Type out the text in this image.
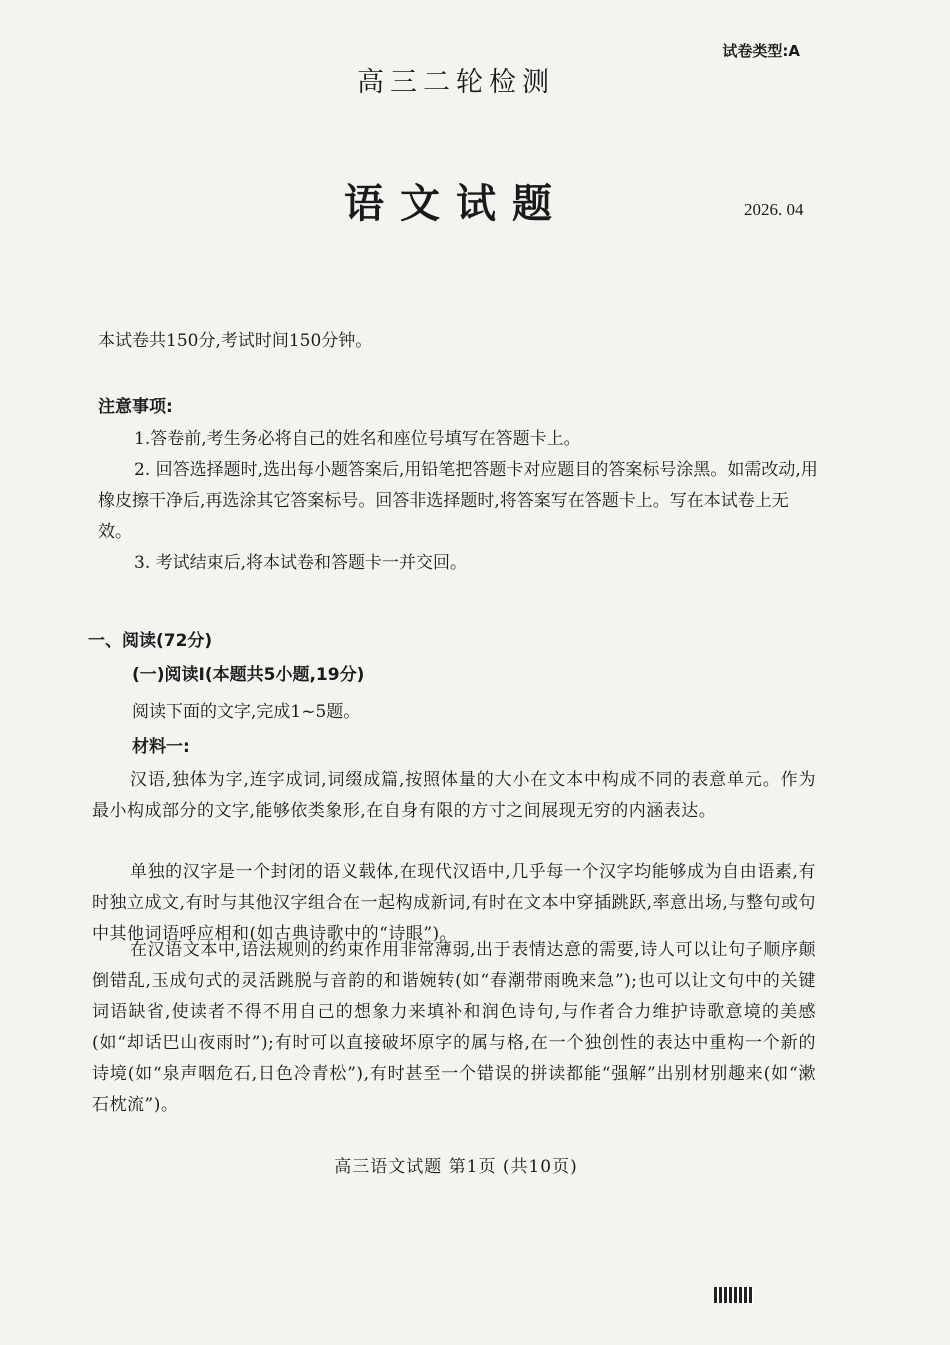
试卷类型:A
高三二轮检测
语文试题	2026. 04
本试卷共150分,考试时间150分钟。
注意事项:
1.答卷前,考生务必将自己的姓名和座位号填写在答题卡上。
2. 回答选择题时,选出每小题答案后,用铅笔把答题卡对应题目的答案标号涂黑。如需改动,用橡皮擦干净后,再选涂其它答案标号。回答非选择题时,将答案写在答题卡上。写在本试卷上无效。
3. 考试结束后,将本试卷和答题卡一并交回。
一、阅读(72分)
(一)阅读Ⅰ(本题共5小题,19分)
阅读下面的文字,完成1~5题。
材料一:
汉语,独体为字,连字成词,词缀成篇,按照体量的大小在文本中构成不同的表意单元。作为最小构成部分的文字,能够依类象形,在自身有限的方寸之间展现无穷的内涵表达。
单独的汉字是一个封闭的语义载体,在现代汉语中,几乎每一个汉字均能够成为自由语素,有时独立成文,有时与其他汉字组合在一起构成新词,有时在文本中穿插跳跃,率意出场,与整句或句中其他词语呼应相和(如古典诗歌中的“诗眼”)。
在汉语文本中,语法规则的约束作用非常薄弱,出于表情达意的需要,诗人可以让句子顺序颠倒错乱,玉成句式的灵活跳脱与音韵的和谐婉转(如“春潮带雨晚来急”);也可以让文句中的关键词语缺省,使读者不得不用自己的想象力来填补和润色诗句,与作者合力维护诗歌意境的美感(如“却话巴山夜雨时”);有时可以直接破坏原字的属与格,在一个独创性的表达中重构一个新的诗境(如“泉声咽危石,日色冷青松”),有时甚至一个错误的拼读都能“强解”出别材别趣来(如“漱石枕流”)。
高三语文试题 第1页 (共10页)
